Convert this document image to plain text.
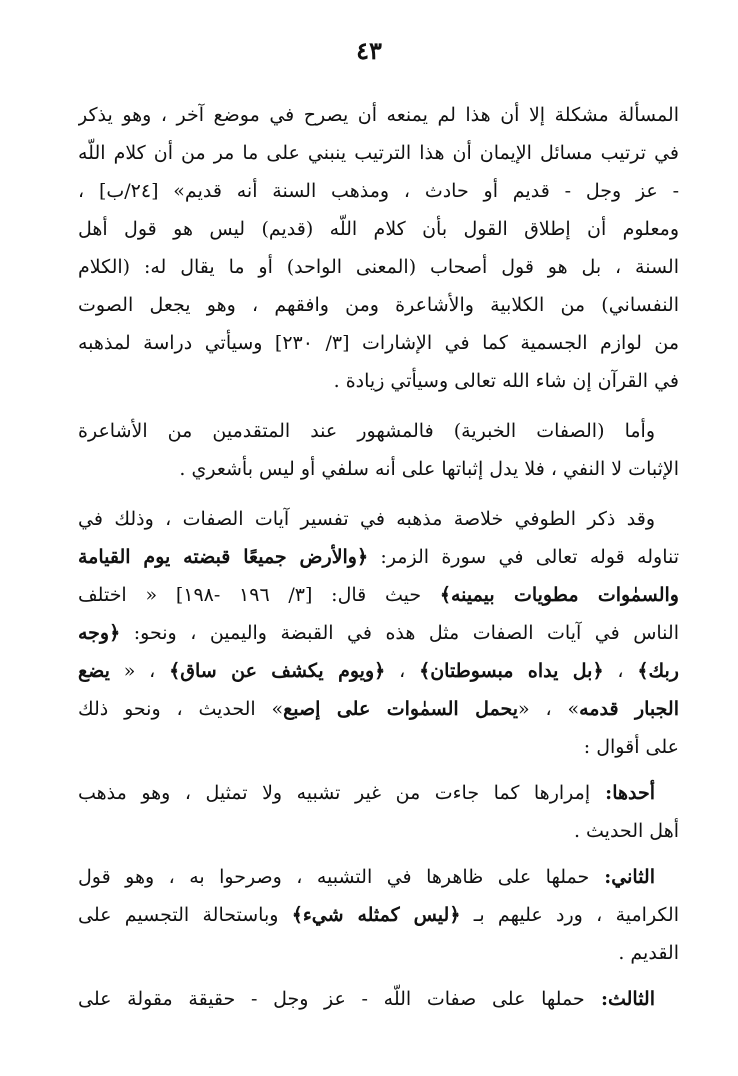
٤٣
المسألة مشكلة إلا أن هذا لم يمنعه أن يصرح في موضع آخر ، وهو يذكر
في ترتيب مسائل الإيمان أن هذا الترتيب ينبني على ما مر من أن كلام اللّه
- عز وجل - قديم أو حادث ، ومذهب السنة أنه قديم» [٢٤/ب] ،
ومعلوم أن إطلاق القول بأن كلام اللّه (قديم) ليس هو قول أهل
السنة ، بل هو قول أصحاب (المعنى الواحد) أو ما يقال له: (الكلام
النفساني) من الكلابية والأشاعرة ومن وافقهم ، وهو يجعل الصوت
من لوازم الجسمية كما في الإشارات [٣/ ٢٣٠] وسيأتي دراسة لمذهبه
في القرآن إن شاء الله تعالى وسيأتي زيادة .
وأما (الصفات الخبرية) فالمشهور عند المتقدمين من الأشاعرة
الإثبات لا النفي ، فلا يدل إثباتها على أنه سلفي أو ليس بأشعري .
وقد ذكر الطوفي خلاصة مذهبه في تفسير آيات الصفات ، وذلك في
تناوله قوله تعالى في سورة الزمر: ﴿والأرض جميعًا قبضته يوم القيامة
والسمٰوات مطويات بيمينه﴾ حيث قال: [٣/ ١٩٦ -١٩٨] « اختلف
الناس في آيات الصفات مثل هذه في القبضة واليمين ، ونحو: ﴿وجه
ربك﴾ ، ﴿بل يداه مبسوطتان﴾ ، ﴿ويوم يكشف عن ساق﴾ ، « يضع
الجبار قدمه» ، «يحمل السمٰوات على إصبع» الحديث ، ونحو ذلك
على أقوال :
أحدها: إمرارها كما جاءت من غير تشبيه ولا تمثيل ، وهو مذهب
أهل الحديث .
الثاني: حملها على ظاهرها في التشبيه ، وصرحوا به ، وهو قول
الكرامية ، ورد عليهم بـ ﴿ليس كمثله شيء﴾ وباستحالة التجسيم على
القديم .
الثالث: حملها على صفات اللّه - عز وجل - حقيقة مقولة على
